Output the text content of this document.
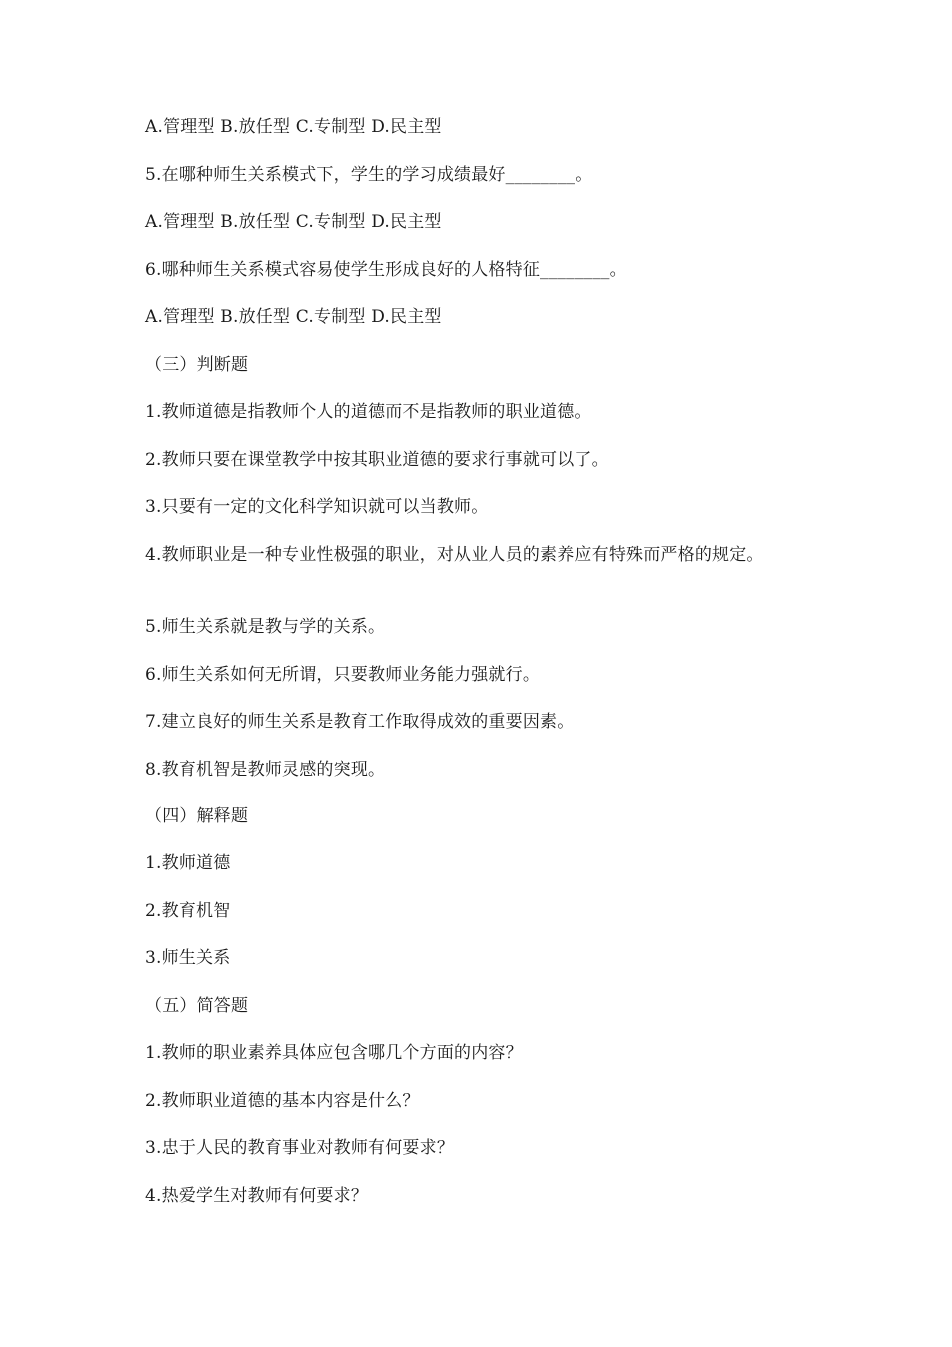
A.管理型 B.放任型 C.专制型 D.民主型
5.在哪种师生关系模式下，学生的学习成绩最好________。
A.管理型 B.放任型 C.专制型 D.民主型
6.哪种师生关系模式容易使学生形成良好的人格特征________。
A.管理型 B.放任型 C.专制型 D.民主型
（三）判断题
1.教师道德是指教师个人的道德而不是指教师的职业道德。
2.教师只要在课堂教学中按其职业道德的要求行事就可以了。
3.只要有一定的文化科学知识就可以当教师。
4.教师职业是一种专业性极强的职业，对从业人员的素养应有特殊而严格的规定。
5.师生关系就是教与学的关系。
6.师生关系如何无所谓，只要教师业务能力强就行。
7.建立良好的师生关系是教育工作取得成效的重要因素。
8.教育机智是教师灵感的突现。
（四）解释题
1.教师道德
2.教育机智
3.师生关系
（五）简答题
1.教师的职业素养具体应包含哪几个方面的内容？
2.教师职业道德的基本内容是什么？
3.忠于人民的教育事业对教师有何要求？
4.热爱学生对教师有何要求？
